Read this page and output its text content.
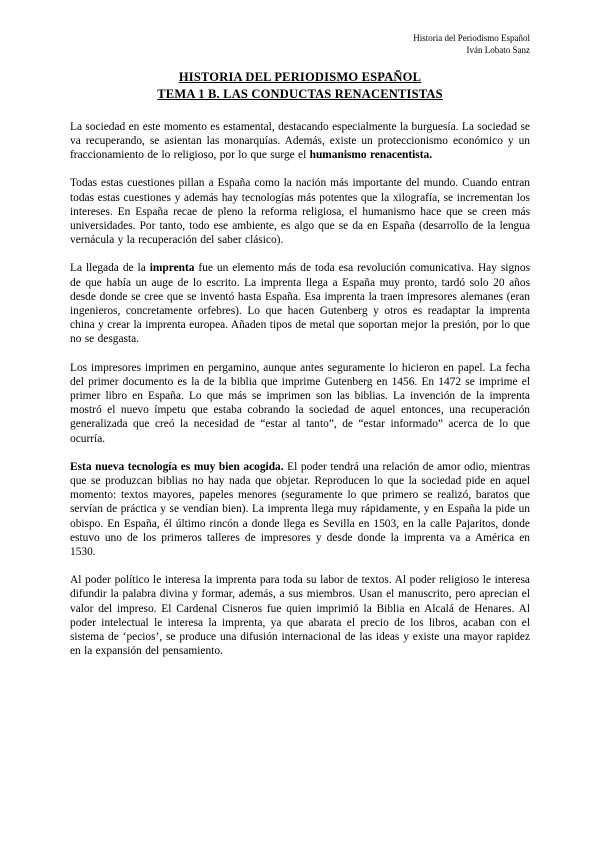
Historia del Periodismo Español
Iván Lobato Sanz
HISTORIA DEL PERIODISMO ESPAÑOL
TEMA 1 B. LAS CONDUCTAS RENACENTISTAS

La sociedad en este momento es estamental, destacando especialmente la burguesía. La sociedad se va recuperando, se asientan las monarquías. Además, existe un proteccionismo económico y un fraccionamiento de lo religioso, por lo que surge el humanismo renacentista.

Todas estas cuestiones pillan a España como la nación más importante del mundo. Cuando entran todas estas cuestiones y además hay tecnologías más potentes que la xilografía, se incrementan los intereses. En España recae de pleno la reforma religiosa, el humanismo hace que se creen más universidades. Por tanto, todo ese ambiente, es algo que se da en España (desarrollo de la lengua vernácula y la recuperación del saber clásico).

La llegada de la imprenta fue un elemento más de toda esa revolución comunicativa. Hay signos de que había un auge de lo escrito. La imprenta llega a España muy pronto, tardó solo 20 años desde donde se cree que se inventó hasta España. Esa imprenta la traen impresores alemanes (eran ingenieros, concretamente orfebres). Lo que hacen Gutenberg y otros es readaptar la imprenta china y crear la imprenta europea. Añaden tipos de metal que soportan mejor la presión, por lo que no se desgasta.

Los impresores imprimen en pergamino, aunque antes seguramente lo hicieron en papel. La fecha del primer documento es la de la biblia que imprime Gutenberg en 1456. En 1472 se imprime el primer libro en España. Lo que más se imprimen son las biblias. La invención de la imprenta mostró el nuevo ímpetu que estaba cobrando la sociedad de aquel entonces, una recuperación generalizada que creó la necesidad de “estar al tanto”, de “estar informado” acerca de lo que ocurría.

Esta nueva tecnología es muy bien acogida. El poder tendrá una relación de amor odio, mientras que se produzcan biblias no hay nada que objetar. Reproducen lo que la sociedad pide en aquel momento: textos mayores, papeles menores (seguramente lo que primero se realizó, baratos que servían de práctica y se vendían bien). La imprenta llega muy rápidamente, y en España la pide un obispo. En España, él último rincón a donde llega es Sevilla en 1503, en la calle Pajaritos, donde estuvo uno de los primeros talleres de impresores y desde donde la imprenta va a América en 1530.

Al poder político le interesa la imprenta para toda su labor de textos. Al poder religioso le interesa difundir la palabra divina y formar, además, a sus miembros. Usan el manuscrito, pero aprecian el valor del impreso. El Cardenal Cisneros fue quien imprimió la Biblia en Alcalá de Henares. Al poder intelectual le interesa la imprenta, ya que abarata el precio de los libros, acaban con el sistema de ‘pecios’, se produce una difusión internacional de las ideas y existe una mayor rapidez en la expansión del pensamiento.
